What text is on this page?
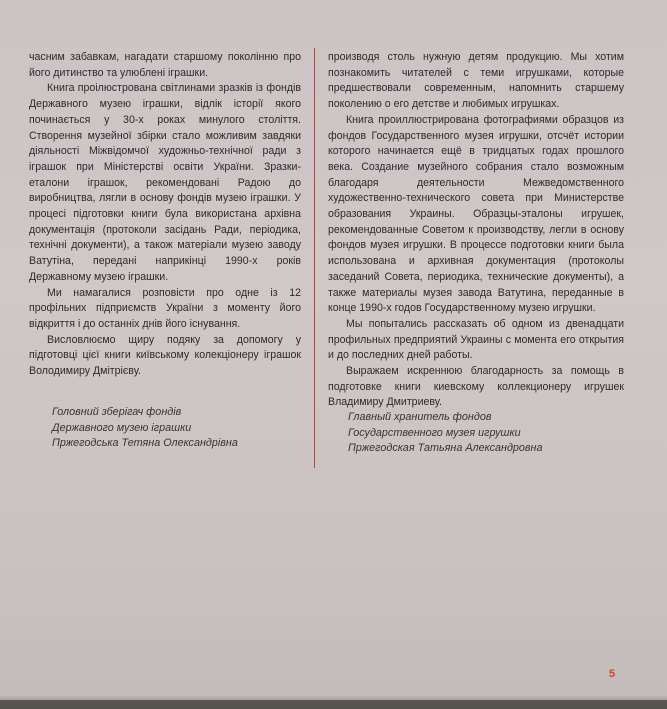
часним забавкам, нагадати старшому поколінню про його дитинство та улюблені іграшки.

Книга проілюстрована світлинами зразків із фондів Державного музею іграшки, відлік історії якого починається у 30-х роках минулого століття. Створення музейної збірки стало можливим завдяки діяльності Міжвідомчої художньо-технічної ради з іграшок при Міністерстві освіти України. Зразки-еталони іграшок, рекомендовані Радою до виробництва, лягли в основу фондів музею іграшки. У процесі підготовки книги була використана архівна документація (протоколи засідань Ради, періодика, технічні документи), а також матеріали музею заводу Ватутіна, передані наприкінці 1990-х років Державному музею іграшки.

Ми намагалися розповісти про одне із 12 профільних підприємств України з моменту його відкриття і до останніх днів його існування.

Висловлюємо щиру подяку за допомогу у підготовці цієї книги київському колекціонеру іграшок Володимиру Дмітрієву.

производя столь нужную детям продукцию. Мы хотим познакомить читателей с теми игрушками, которые предшествовали современным, напомнить старшему поколению о его детстве и любимых игрушках.

Книга проиллюстрирована фотографиями образцов из фондов Государственного музея игрушки, отсчёт истории которого начинается ещё в тридцатых годах прошлого века. Создание музейного собрания стало возможным благодаря деятельности Межведомственного художественно-технического совета при Министерстве образования Украины. Образцы-эталоны игрушек, рекомендованные Советом к производству, легли в основу фондов музея игрушки. В процессе подготовки книги была использована и архивная документация (протоколы заседаний Совета, периодика, технические документы), а также материалы музея завода Ватутина, переданные в конце 1990-х годов Государственному музею игрушки.

Мы попытались рассказать об одном из двенадцати профильных предприятий Украины с момента его открытия и до последних дней работы.

Выражаем искреннюю благодарность за помощь в подготовке книги киевскому коллекционеру игрушек Владимиру Дмитриеву.

Головний зберігач фондів
Державного музею іграшки
Пржегодська Тетяна Олександрівна
Главный хранитель фондов
Государственного музея игрушки
Пржегодская Татьяна Александровна
5
